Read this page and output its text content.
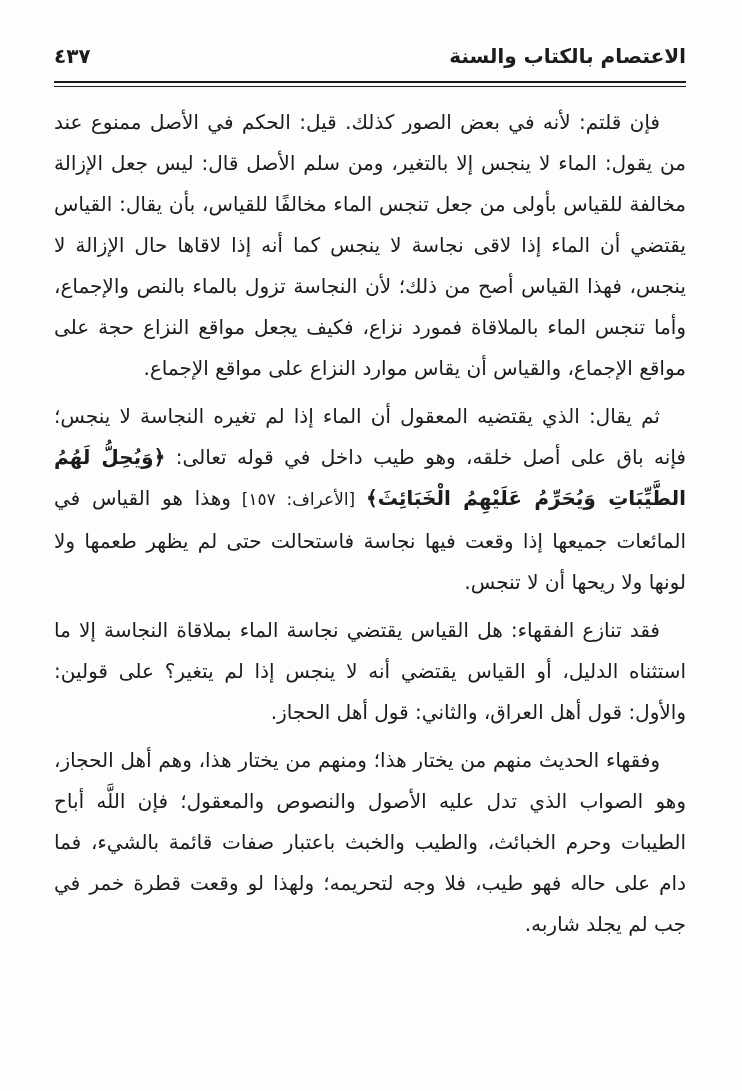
الاعتصام بالكتاب والسنة
٤٣٧

فإن قلتم: لأنه في بعض الصور كذلك. قيل: الحكم في الأصل ممنوع عند من يقول: الماء لا ينجس إلا بالتغير، ومن سلم الأصل قال: ليس جعل الإزالة مخالفة للقياس بأولى من جعل تنجس الماء مخالفًا للقياس، بأن يقال: القياس يقتضي أن الماء إذا لاقى نجاسة لا ينجس كما أنه إذا لاقاها حال الإزالة لا ينجس، فهذا القياس أصح من ذلك؛ لأن النجاسة تزول بالماء بالنص والإجماع، وأما تنجس الماء بالملاقاة فمورد نزاع، فكيف يجعل مواقع النزاع حجة على مواقع الإجماع، والقياس أن يقاس موارد النزاع على مواقع الإجماع.

ثم يقال: الذي يقتضيه المعقول أن الماء إذا لم تغيره النجاسة لا ينجس؛ فإنه باق على أصل خلقه، وهو طيب داخل في قوله تعالى: ﴿وَيُحِلُّ لَهُمُ الطَّيِّبَاتِ وَيُحَرِّمُ عَلَيْهِمُ الْخَبَائِثَ﴾ [الأعراف: ١٥٧] وهذا هو القياس في المائعات جميعها إذا وقعت فيها نجاسة فاستحالت حتى لم يظهر طعمها ولا لونها ولا ريحها أن لا تنجس.

فقد تنازع الفقهاء: هل القياس يقتضي نجاسة الماء بملاقاة النجاسة إلا ما استثناه الدليل، أو القياس يقتضي أنه لا ينجس إذا لم يتغير؟ على قولين: والأول: قول أهل العراق، والثاني: قول أهل الحجاز.

وفقهاء الحديث منهم من يختار هذا؛ ومنهم من يختار هذا، وهم أهل الحجاز، وهو الصواب الذي تدل عليه الأصول والنصوص والمعقول؛ فإن اللَّه أباح الطيبات وحرم الخبائث، والطيب والخبث باعتبار صفات قائمة بالشيء، فما دام على حاله فهو طيب، فلا وجه لتحريمه؛ ولهذا لو وقعت قطرة خمر في جب لم يجلد شاربه.
